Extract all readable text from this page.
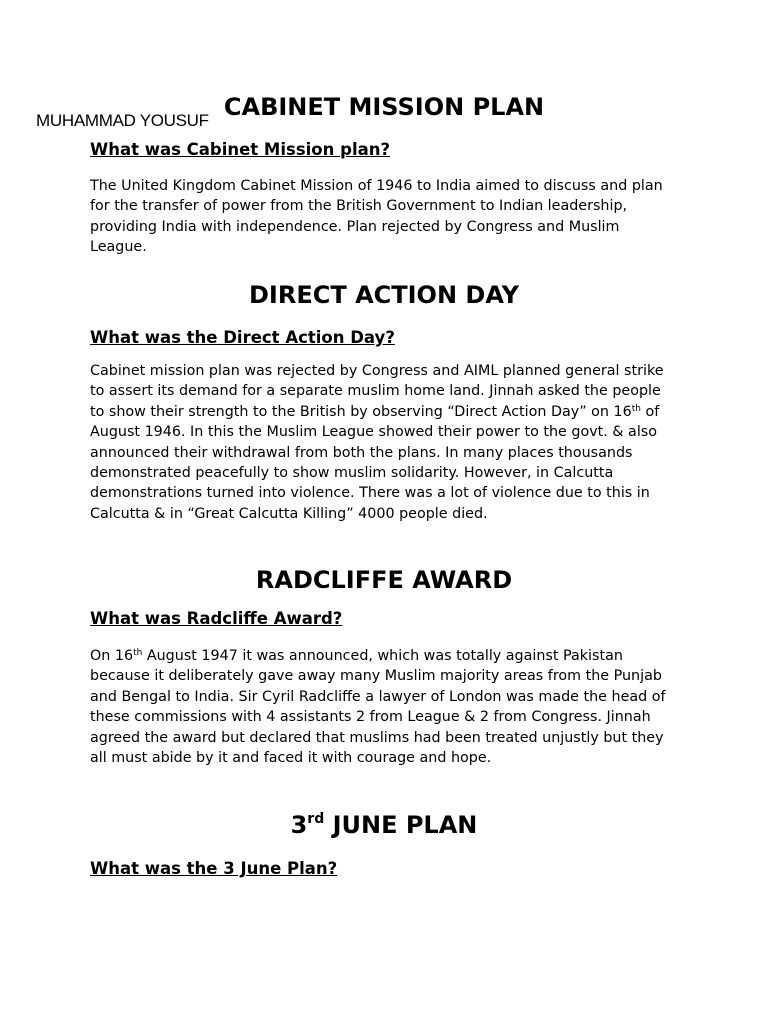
MUHAMMAD YOUSUF CABINET MISSION PLAN
What was Cabinet Mission plan?

The United Kingdom Cabinet Mission of 1946 to India aimed to discuss and plan for the transfer of power from the British Government to Indian leadership, providing India with independence. Plan rejected by Congress and Muslim League.

DIRECT ACTION DAY
What was the Direct Action Day?

Cabinet mission plan was rejected by Congress and AIML planned general strike to assert its demand for a separate muslim home land. Jinnah asked the people to show their strength to the British by observing “Direct Action Day” on 16th of August 1946. In this the Muslim League showed their power to the govt. & also announced their withdrawal from both the plans. In many places thousands demonstrated peacefully to show muslim solidarity. However, in Calcutta demonstrations turned into violence. There was a lot of violence due to this in Calcutta & in “Great Calcutta Killing” 4000 people died.

RADCLIFFE AWARD
What was Radcliffe Award?

On 16th August 1947 it was announced, which was totally against Pakistan because it deliberately gave away many Muslim majority areas from the Punjab and Bengal to India. Sir Cyril Radcliffe a lawyer of London was made the head of these commissions with 4 assistants 2 from League & 2 from Congress. Jinnah agreed the award but declared that muslims had been treated unjustly but they all must abide by it and faced it with courage and hope.

3rd JUNE PLAN
What was the 3 June Plan?
